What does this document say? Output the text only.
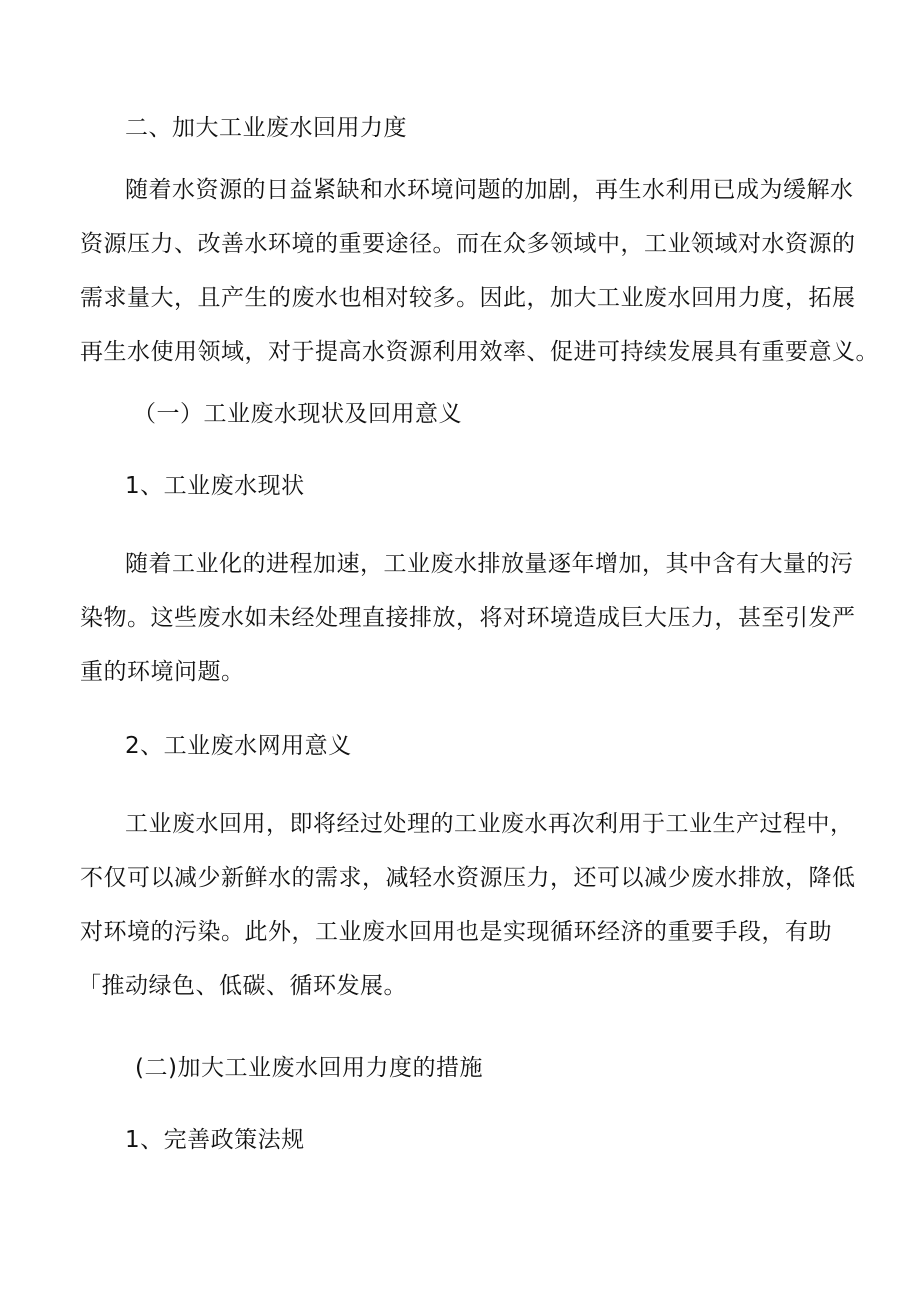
二、加大工业废水回用力度
随着水资源的日益紧缺和水环境问题的加剧，再生水利用已成为缓解水
资源压力、改善水环境的重要途径。而在众多领域中，工业领域对水资源的
需求量大，且产生的废水也相对较多。因此，加大工业废水回用力度，拓展
再生水使用领域，对于提高水资源利用效率、促进可持续发展具有重要意义。
（一）工业废水现状及回用意义
1、工业废水现状
随着工业化的进程加速，工业废水排放量逐年增加，其中含有大量的污
染物。这些废水如未经处理直接排放，将对环境造成巨大压力，甚至引发严
重的环境问题。
2、工业废水网用意义
工业废水回用，即将经过处理的工业废水再次利用于工业生产过程中，
不仅可以减少新鲜水的需求，减轻水资源压力，还可以减少废水排放，降低
对环境的污染。此外，工业废水回用也是实现循环经济的重要手段，有助
「推动绿色、低碳、循环发展。
(二)加大工业废水回用力度的措施
1、完善政策法规
